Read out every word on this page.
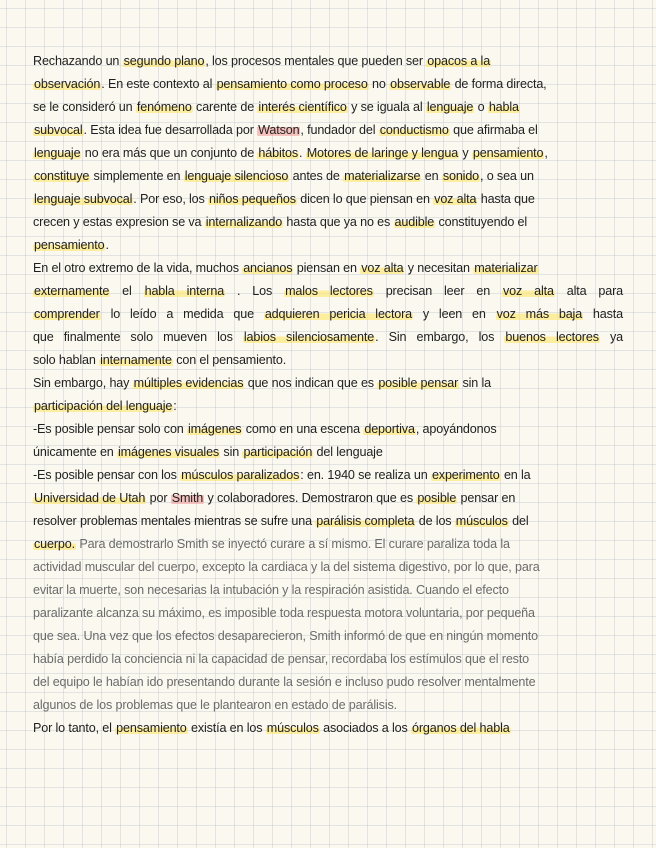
Rechazando un segundo plano, los procesos mentales que pueden ser opacos a la
observación. En este contexto al pensamiento como proceso no observable de forma directa,
se le consideró un fenómeno carente de interés científico y se iguala al lenguaje o habla
subvocal. Esta idea fue desarrollada por Watson, fundador del conductismo que afirmaba el
lenguaje no era más que un conjunto de hábitos. Motores de laringe y lengua y pensamiento,
constituye simplemente en lenguaje silencioso antes de materializarse en sonido, o sea un
lenguaje subvocal. Por eso, los niños pequeños dicen lo que piensan en voz alta hasta que
crecen y estas expresion se va internalizando hasta que ya no es audible constituyendo el
pensamiento.
En el otro extremo de la vida, muchos ancianos piensan en voz alta y necesitan materializar
externamente el habla interna . Los malos lectores precisan leer en voz alta alta para
comprender lo leído a medida que adquieren pericia lectora y leen en voz más baja hasta
que finalmente solo mueven los labios silenciosamente. Sin embargo, los buenos lectores ya
solo hablan internamente con el pensamiento.
Sin embargo, hay múltiples evidencias que nos indican que es posible pensar sin la
participación del lenguaje:
-Es posible pensar solo con imágenes como en una escena deportiva, apoyándonos
únicamente en imágenes visuales sin participación del lenguaje
-Es posible pensar con los músculos paralizados: en. 1940 se realiza un experimento en la
Universidad de Utah por Smith y colaboradores. Demostraron que es posible pensar en
resolver problemas mentales mientras se sufre una parálisis completa de los músculos del
cuerpo. Para demostrarlo Smith se inyectó curare a sí mismo. El curare paraliza toda la
actividad muscular del cuerpo, excepto la cardiaca y la del sistema digestivo, por lo que, para
evitar la muerte, son necesarias la intubación y la respiración asistida. Cuando el efecto
paralizante alcanza su máximo, es imposible toda respuesta motora voluntaria, por pequeña
que sea. Una vez que los efectos desaparecieron, Smith informó de que en ningún momento
había perdido la conciencia ni la capacidad de pensar, recordaba los estímulos que el resto
del equipo le habían ido presentando durante la sesión e incluso pudo resolver mentalmente
algunos de los problemas que le plantearon en estado de parálisis.
Por lo tanto, el pensamiento existía en los músculos asociados a los órganos del habla
